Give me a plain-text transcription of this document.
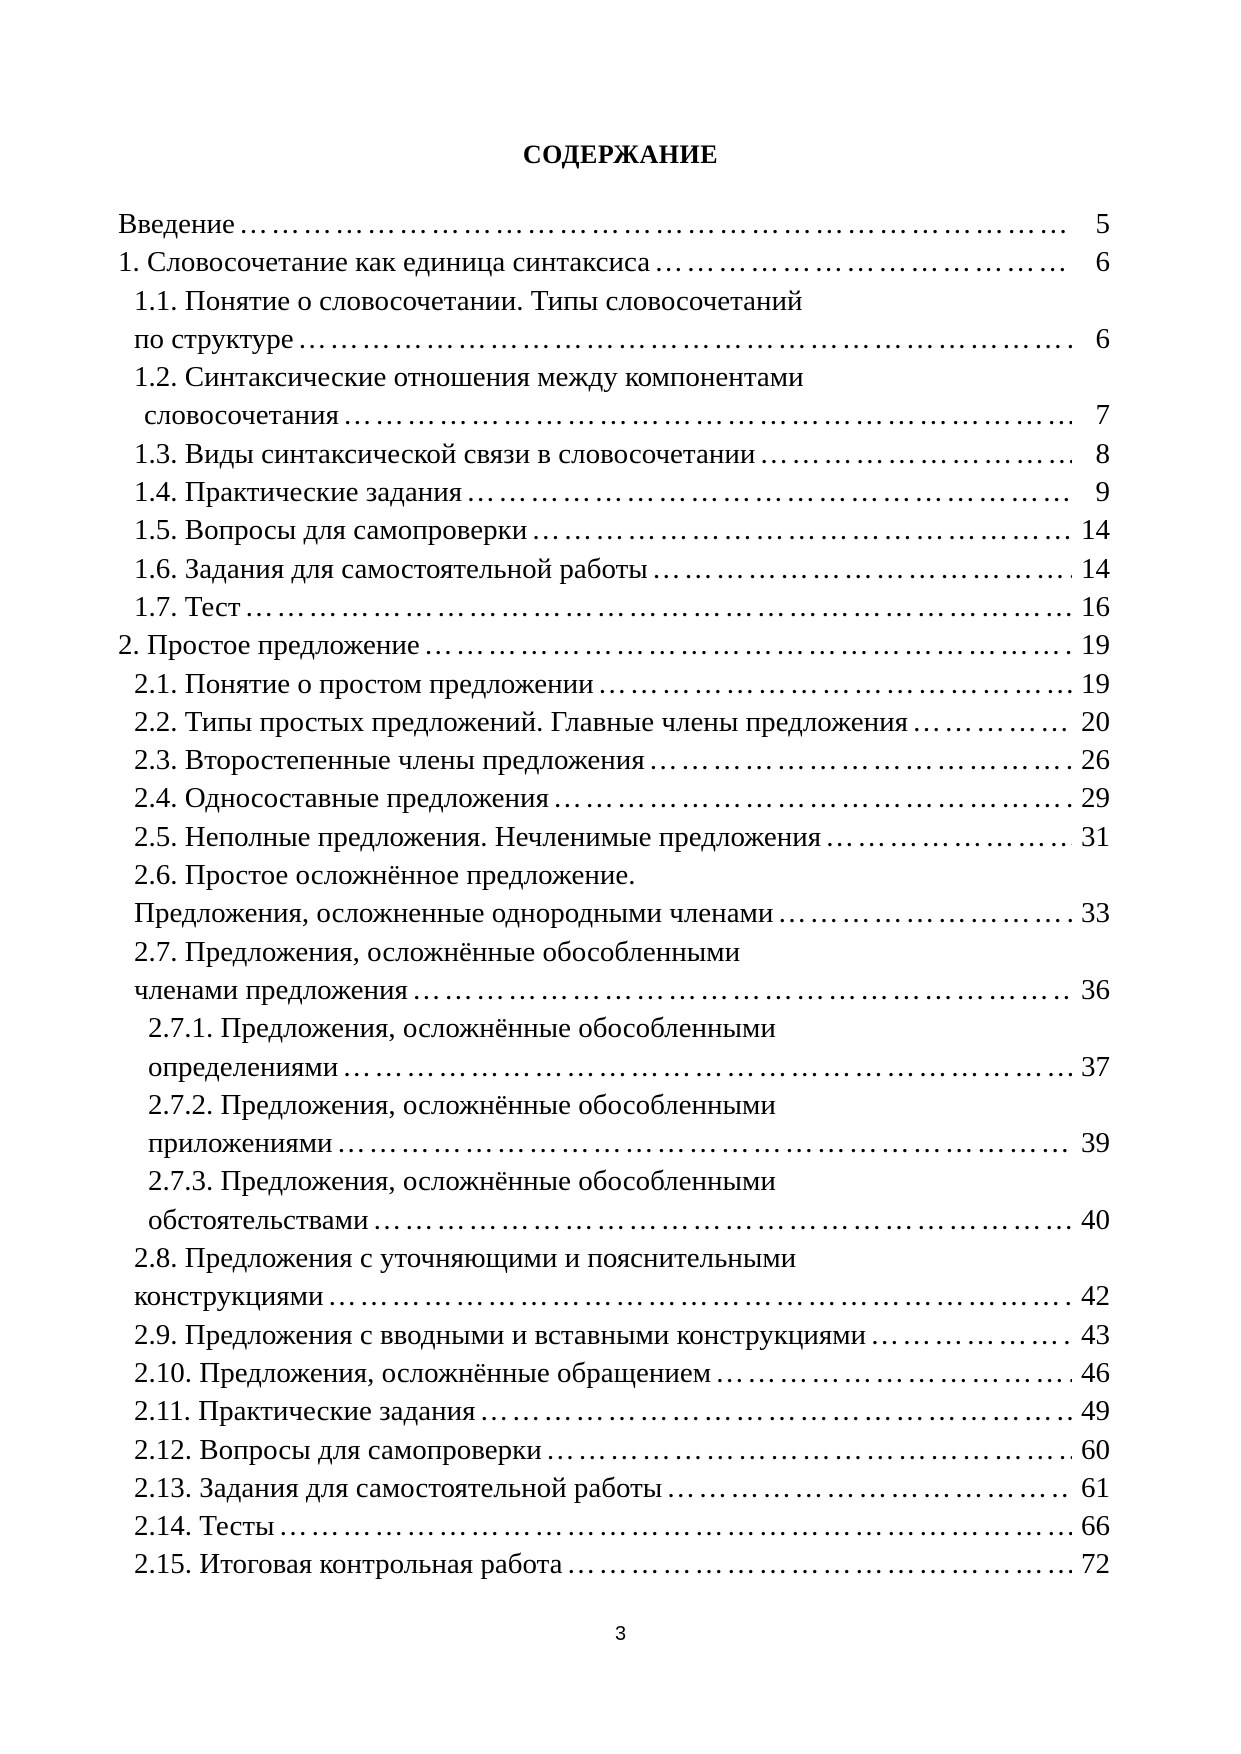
СОДЕРЖАНИЕ
Введение …………………………………………………………………………………………………………………………………………………………………………………………	5
1. Словосочетание как единица синтаксиса …………………………………………………………………………………………………………………………………………………………………………………………	6
1.1. Понятие о словосочетании. Типы словосочетаний
по структуре …………………………………………………………………………………………………………………………………………………………………………………………	6
1.2. Синтаксические отношения между компонентами
словосочетания …………………………………………………………………………………………………………………………………………………………………………………………	7
1.3. Виды синтаксической связи в словосочетании …………………………………………………………………………………………………………………………………………………………………………………………	8
1.4. Практические задания …………………………………………………………………………………………………………………………………………………………………………………………	9
1.5. Вопросы для самопроверки …………………………………………………………………………………………………………………………………………………………………………………………	14
1.6. Задания для самостоятельной работы …………………………………………………………………………………………………………………………………………………………………………………………	14
1.7. Тест …………………………………………………………………………………………………………………………………………………………………………………………	16
2. Простое предложение …………………………………………………………………………………………………………………………………………………………………………………………	19
2.1. Понятие о простом предложении …………………………………………………………………………………………………………………………………………………………………………………………	19
2.2. Типы простых предложений. Главные члены предложения …………………………………………………………………………………………………………………………………………………………………………………………	20
2.3. Второстепенные члены предложения …………………………………………………………………………………………………………………………………………………………………………………………	26
2.4. Односоставные предложения …………………………………………………………………………………………………………………………………………………………………………………………	29
2.5. Неполные предложения. Нечленимые предложения …………………………………………………………………………………………………………………………………………………………………………………………	31
2.6. Простое осложнённое предложение.
Предложения, осложненные однородными членами …………………………………………………………………………………………………………………………………………………………………………………………	33
2.7. Предложения, осложнённые обособленными
членами предложения …………………………………………………………………………………………………………………………………………………………………………………………	36
2.7.1. Предложения, осложнённые обособленными
определениями …………………………………………………………………………………………………………………………………………………………………………………………	37
2.7.2. Предложения, осложнённые обособленными
приложениями …………………………………………………………………………………………………………………………………………………………………………………………	39
2.7.3. Предложения, осложнённые обособленными
обстоятельствами …………………………………………………………………………………………………………………………………………………………………………………………	40
2.8. Предложения с уточняющими и пояснительными
конструкциями …………………………………………………………………………………………………………………………………………………………………………………………	42
2.9. Предложения с вводными и вставными конструкциями …………………………………………………………………………………………………………………………………………………………………………………………	43
2.10. Предложения, осложнённые обращением …………………………………………………………………………………………………………………………………………………………………………………………	46
2.11. Практические задания …………………………………………………………………………………………………………………………………………………………………………………………	49
2.12. Вопросы для самопроверки …………………………………………………………………………………………………………………………………………………………………………………………	60
2.13. Задания для самостоятельной работы …………………………………………………………………………………………………………………………………………………………………………………………	61
2.14. Тесты …………………………………………………………………………………………………………………………………………………………………………………………	66
2.15. Итоговая контрольная работа …………………………………………………………………………………………………………………………………………………………………………………………	72
3
